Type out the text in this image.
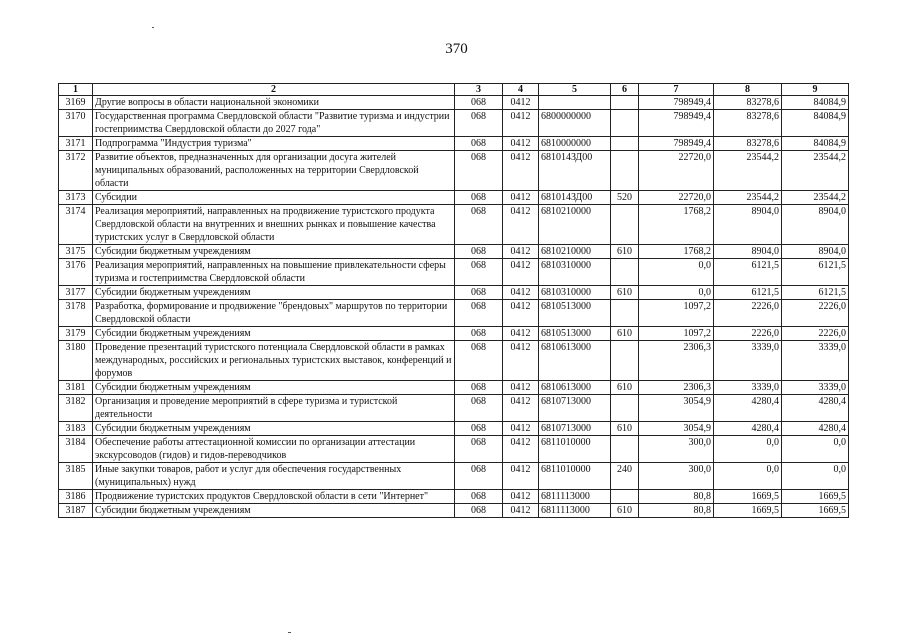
370
1	2	3	4	5	6	7	8	9
3169	Другие вопросы в области национальной экономики	068	0412			798949,4	83278,6	84084,9
3170	Государственная программа Свердловской области "Развитие туризма и индустрии гостеприимства Свердловской области до 2027 года"	068	0412	6800000000		798949,4	83278,6	84084,9
3171	Подпрограмма "Индустрия туризма"	068	0412	6810000000		798949,4	83278,6	84084,9
3172	Развитие объектов, предназначенных для организации досуга жителей муниципальных образований, расположенных на территории Свердловской области	068	0412	681014ЗД00		22720,0	23544,2	23544,2
3173	Субсидии	068	0412	681014ЗД00	520	22720,0	23544,2	23544,2
3174	Реализация мероприятий, направленных на продвижение туристского продукта Свердловской области на внутренних и внешних рынках и повышение качества туристских услуг в Свердловской области	068	0412	6810210000		1768,2	8904,0	8904,0
3175	Субсидии бюджетным учреждениям	068	0412	6810210000	610	1768,2	8904,0	8904,0
3176	Реализация мероприятий, направленных на повышение привлекательности сферы туризма и гостеприимства Свердловской области	068	0412	6810310000		0,0	6121,5	6121,5
3177	Субсидии бюджетным учреждениям	068	0412	6810310000	610	0,0	6121,5	6121,5
3178	Разработка, формирование и продвижение "брендовых" маршрутов по территории Свердловской области	068	0412	6810513000		1097,2	2226,0	2226,0
3179	Субсидии бюджетным учреждениям	068	0412	6810513000	610	1097,2	2226,0	2226,0
3180	Проведение презентаций туристского потенциала Свердловской области в рамках международных, российских и региональных туристских выставок, конференций и форумов	068	0412	6810613000		2306,3	3339,0	3339,0
3181	Субсидии бюджетным учреждениям	068	0412	6810613000	610	2306,3	3339,0	3339,0
3182	Организация и проведение мероприятий в сфере туризма и туристской деятельности	068	0412	6810713000		3054,9	4280,4	4280,4
3183	Субсидии бюджетным учреждениям	068	0412	6810713000	610	3054,9	4280,4	4280,4
3184	Обеспечение работы аттестационной комиссии по организации аттестации экскурсоводов (гидов) и гидов-переводчиков	068	0412	6811010000		300,0	0,0	0,0
3185	Иные закупки товаров, работ и услуг для обеспечения государственных (муниципальных) нужд	068	0412	6811010000	240	300,0	0,0	0,0
3186	Продвижение туристских продуктов Свердловской области в сети "Интернет"	068	0412	6811113000		80,8	1669,5	1669,5
3187	Субсидии бюджетным учреждениям	068	0412	6811113000	610	80,8	1669,5	1669,5
